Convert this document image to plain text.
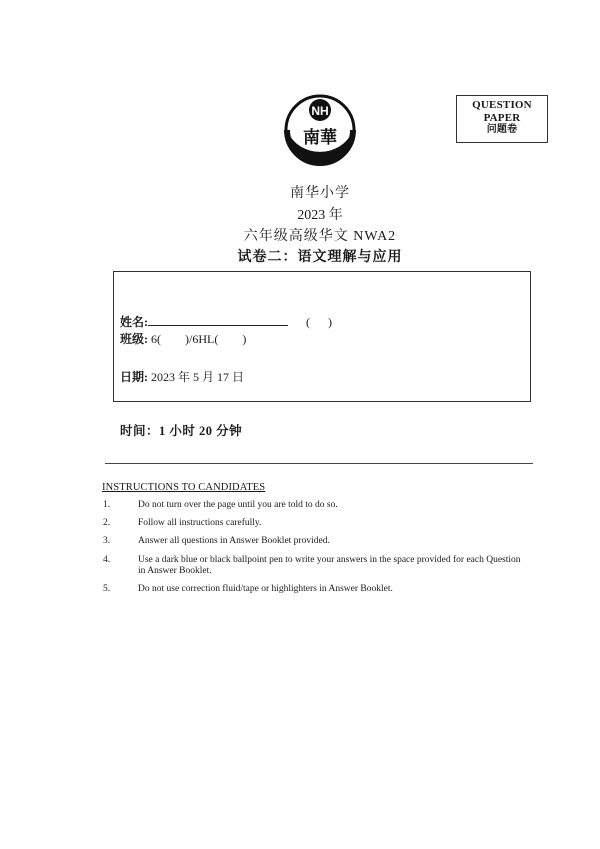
NH
南華
QUESTION
PAPER
问题卷
南华小学
2023 年
六年级高级华文 NWA2
试卷二：语文理解与应用
姓名:	(      )
班级: 6(        )/6HL(        )
日期: 2023 年 5 月 17 日
时间：1 小时 20 分钟
INSTRUCTIONS TO CANDIDATES
1.	Do not turn over the page until you are told to do so.
2.	Follow all instructions carefully.
3.	Answer all questions in Answer Booklet provided.
4.	Use a dark blue or black ballpoint pen to write your answers in the space provided for each Question in Answer Booklet.
5.	Do not use correction fluid/tape or highlighters in Answer Booklet.
